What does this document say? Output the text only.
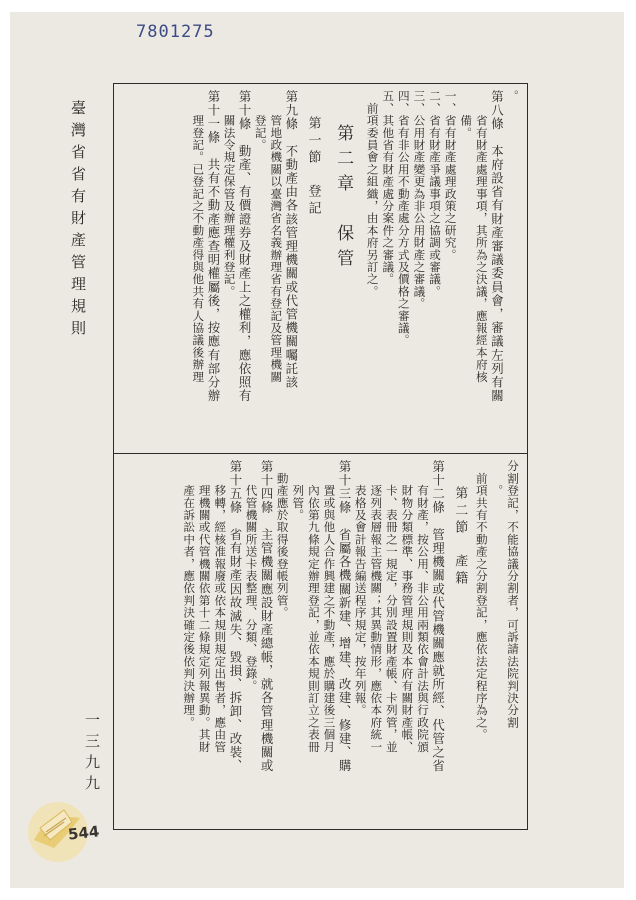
7801275
臺灣省省有財產管理規則
一三九九
。
第八條　本府設省有財產審議委員會，審議左列有關
　　省有財產處理事項，其所為之決議，應報經本府核
　　備。
一、省有財產處理政策之研究。
二、省有財產爭議事項之協調或審議。
三、公用財產變更為非公用財產之審議。
四、省有非公用不動產處分方式及價格之審議。
五、其他省有財產處分案件之審議。
　前項委員會之組織，由本府另訂之。
第二章　保管
第一節　登記
第九條　不動產由各該管理機關或代管機關囑託該
　　管地政機關以臺灣省名義辦理省有登記及管理機關
　　登記。
第十條　動產、有價證券及財產上之權利，應依照有
　　關法令規定保管及辦理權利登記。
第十一條　共有不動產應查明權屬後，按應有部分辦
　　理登記。已登記之不動產得與他共有人協議後辦理
分割登記，不能協議分割者，可訴請法院判決分割
　　。
　前項共有不動產之分割登記，應依法定程序為之。
第二節　產籍
第十二條　管理機關或代管機關應就所經、代管之省
　　有財產，按公用、非公用兩類依會計法與行政院頒
　　財物分類標準、事務管理規則及本府有關財產帳、
　　卡、表冊之一規定，分別設置財產帳、卡列管，並
　　逐列表層報主管機關；其異動情形，應依本府統一
　　表格及會計報告編送程序規定，按年列報。
第十三條　省屬各機關新建、增建、改建、修建、購
　　置或與他人合作興建之不動產，應於購建後三個月
　　內依第九條規定辦理登記，並依本規則訂立之表冊
　　列管。
　動產應於取得後登帳列管。
第十四條　主管機關應設財產總帳，就各管理機關或
　　代管機關所送卡表整理、分類、登錄。
第十五條　省有財產因故滅失、毀損、拆卸、改裝、
　　移轉，經核准報廢或依本規則規定出售者，應由管
　　理機關或代管機關依第十二條規定列報異動。其財
　　產在訴訟中者，應依判決確定後依判決辦理。
544
